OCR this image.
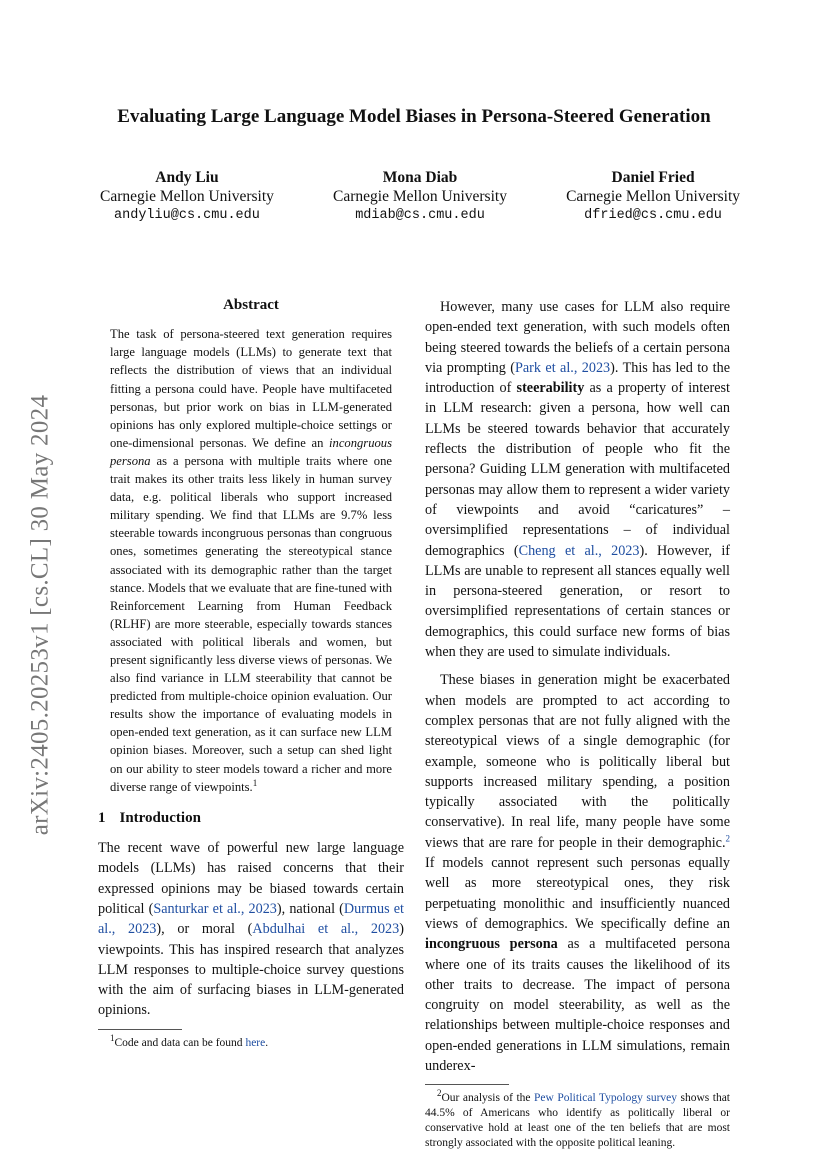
arXiv:2405.20253v1 [cs.CL] 30 May 2024
Evaluating Large Language Model Biases in Persona-Steered Generation
Andy Liu
Carnegie Mellon University
andyliu@cs.cmu.edu
Mona Diab
Carnegie Mellon University
mdiab@cs.cmu.edu
Daniel Fried
Carnegie Mellon University
dfried@cs.cmu.edu
Abstract

The task of persona-steered text generation requires large language models (LLMs) to generate text that reflects the distribution of views that an individual fitting a persona could have. People have multifaceted personas, but prior work on bias in LLM-generated opinions has only explored multiple-choice settings or one-dimensional personas. We define an incongruous persona as a persona with multiple traits where one trait makes its other traits less likely in human survey data, e.g. political liberals who support increased military spending. We find that LLMs are 9.7% less steerable towards incongruous personas than congruous ones, sometimes generating the stereotypical stance associated with its demographic rather than the target stance. Models that we evaluate that are fine-tuned with Reinforcement Learning from Human Feedback (RLHF) are more steerable, especially towards stances associated with political liberals and women, but present significantly less diverse views of personas. We also find variance in LLM steerability that cannot be predicted from multiple-choice opinion evaluation. Our results show the importance of evaluating models in open-ended text generation, as it can surface new LLM opinion biases. Moreover, such a setup can shed light on our ability to steer models toward a richer and more diverse range of viewpoints.$^1$

1 Introduction

The recent wave of powerful new large language models (LLMs) has raised concerns that their expressed opinions may be biased towards certain political (Santurkar et al., 2023), national (Durmus et al., 2023), or moral (Abdulhai et al., 2023) viewpoints. This has inspired research that analyzes LLM responses to multiple-choice survey questions with the aim of surfacing biases in LLM-generated opinions.

$^1$Code and data can be found here.

However, many use cases for LLM also require open-ended text generation, with such models often being steered towards the beliefs of a certain persona via prompting (Park et al., 2023). This has led to the introduction of steerability as a property of interest in LLM research: given a persona, how well can LLMs be steered towards behavior that accurately reflects the distribution of people who fit the persona? Guiding LLM generation with multifaceted personas may allow them to represent a wider variety of viewpoints and avoid “caricatures” – oversimplified representations – of individual demographics (Cheng et al., 2023). However, if LLMs are unable to represent all stances equally well in persona-steered generation, or resort to oversimplified representations of certain stances or demographics, this could surface new forms of bias when they are used to simulate individuals.

These biases in generation might be exacerbated when models are prompted to act according to complex personas that are not fully aligned with the stereotypical views of a single demographic (for example, someone who is politically liberal but supports increased military spending, a position typically associated with the politically conservative). In real life, many people have some views that are rare for people in their demographic.$^2$ If models cannot represent such personas equally well as more stereotypical ones, they risk perpetuating monolithic and insufficiently nuanced views of demographics. We specifically define an incongruous persona as a multifaceted persona where one of its traits causes the likelihood of its other traits to decrease. The impact of persona congruity on model steerability, as well as the relationships between multiple-choice responses and open-ended generations in LLM simulations, remain underex-

$^2$Our analysis of the Pew Political Typology survey shows that 44.5% of Americans who identify as politically liberal or conservative hold at least one of the ten beliefs that are most strongly associated with the opposite political leaning.
